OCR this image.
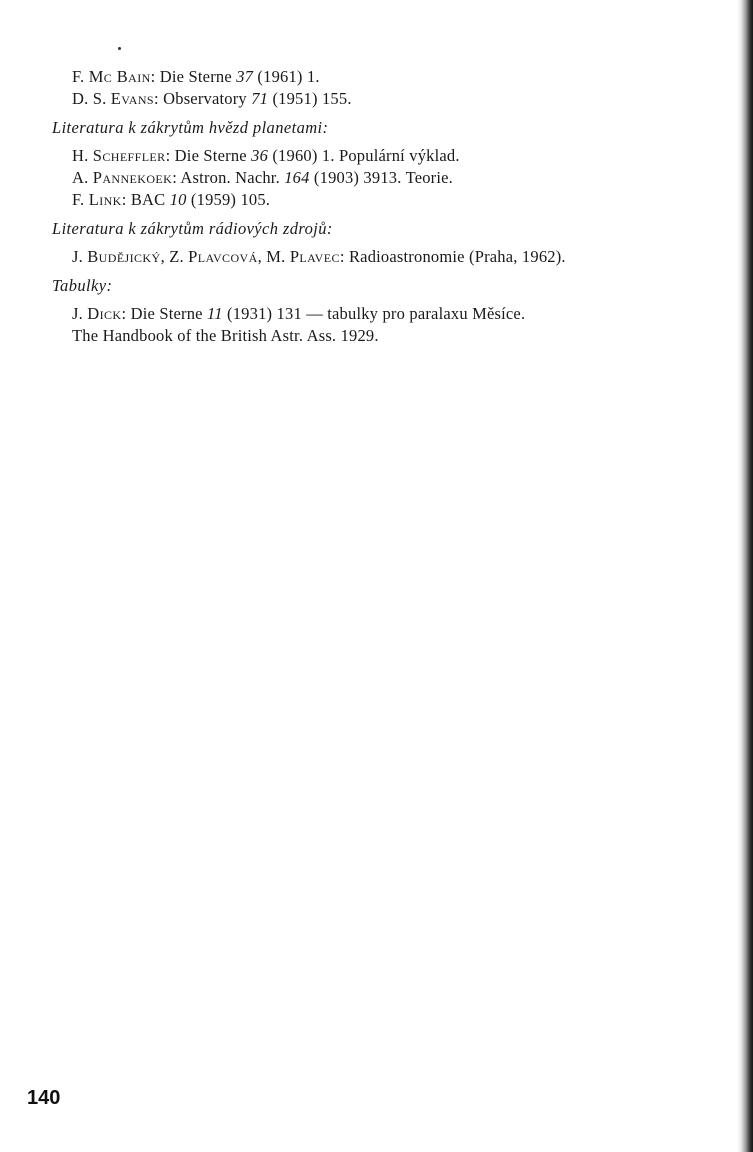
F. Mc Bain: Die Sterne 37 (1961) 1.
D. S. Evans: Observatory 71 (1951) 155.
Literatura k zákrytům hvězd planetami:
H. Scheffler: Die Sterne 36 (1960) 1. Populární výklad.
A. Pannekoek: Astron. Nachr. 164 (1903) 3913. Teorie.
F. Link: BAC 10 (1959) 105.
Literatura k zákrytům rádiových zdrojů:
J. Budějický, Z. Plavcová, M. Plavec: Radioastronomie (Praha, 1962).
Tabulky:
J. Dick: Die Sterne 11 (1931) 131 — tabulky pro paralaxu Měsíce.
The Handbook of the British Astr. Ass. 1929.
140
